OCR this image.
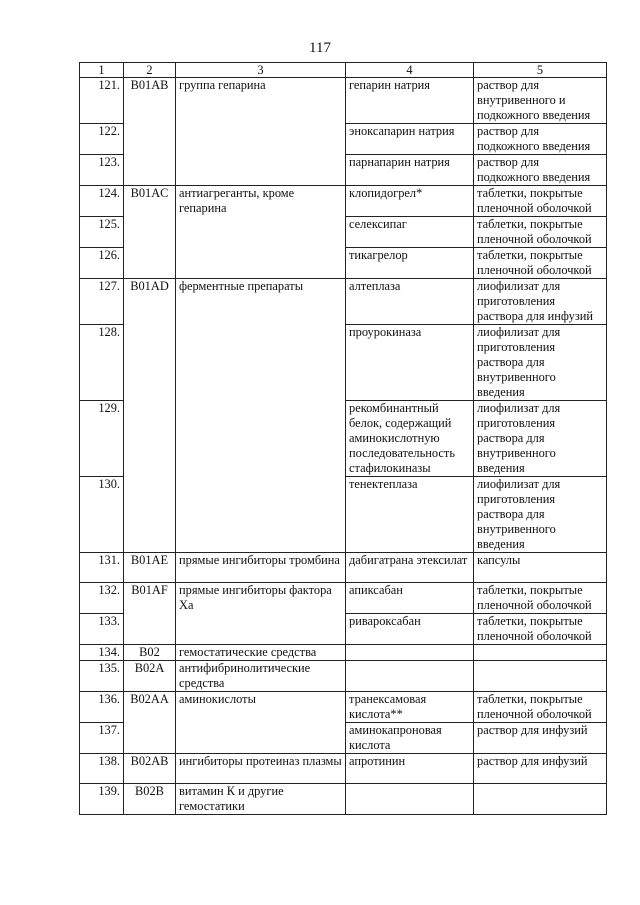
117
1	2	3	4	5
121.	B01AB	группа гепарина	гепарин натрия	раствор для внутривенного и подкожного введения
122.			эноксапарин натрия	раствор для подкожного введения
123.			парнапарин натрия	раствор для подкожного введения
124.	B01AC	антиагреганты, кроме гепарина	клопидогрел*	таблетки, покрытые пленочной оболочкой
125.			селексипаг	таблетки, покрытые пленочной оболочкой
126.			тикагрелор	таблетки, покрытые пленочной оболочкой
127.	B01AD	ферментные препараты	алтеплаза	лиофилизат для приготовления раствора для инфузий
128.			проурокиназа	лиофилизат для приготовления раствора для внутривенного введения
129.			рекомбинантный белок, содержащий аминокислотную последовательность стафилокиназы	лиофилизат для приготовления раствора для внутривенного введения
130.			тенектеплаза	лиофилизат для приготовления раствора для внутривенного введения
131.	B01AE	прямые ингибиторы тромбина	дабигатрана этексилат	капсулы
132.	B01AF	прямые ингибиторы фактора Ха	апиксабан	таблетки, покрытые пленочной оболочкой
133.			ривароксабан	таблетки, покрытые пленочной оболочкой
134.	B02	гемостатические средства		
135.	B02A	антифибринолитические средства		
136.	B02AA	аминокислоты	транексамовая кислота**	таблетки, покрытые пленочной оболочкой
137.			аминокапроновая кислота	раствор для инфузий
138.	B02AB	ингибиторы протеиназ плазмы	апротинин	раствор для инфузий
139.	B02B	витамин К и другие гемостатики		
